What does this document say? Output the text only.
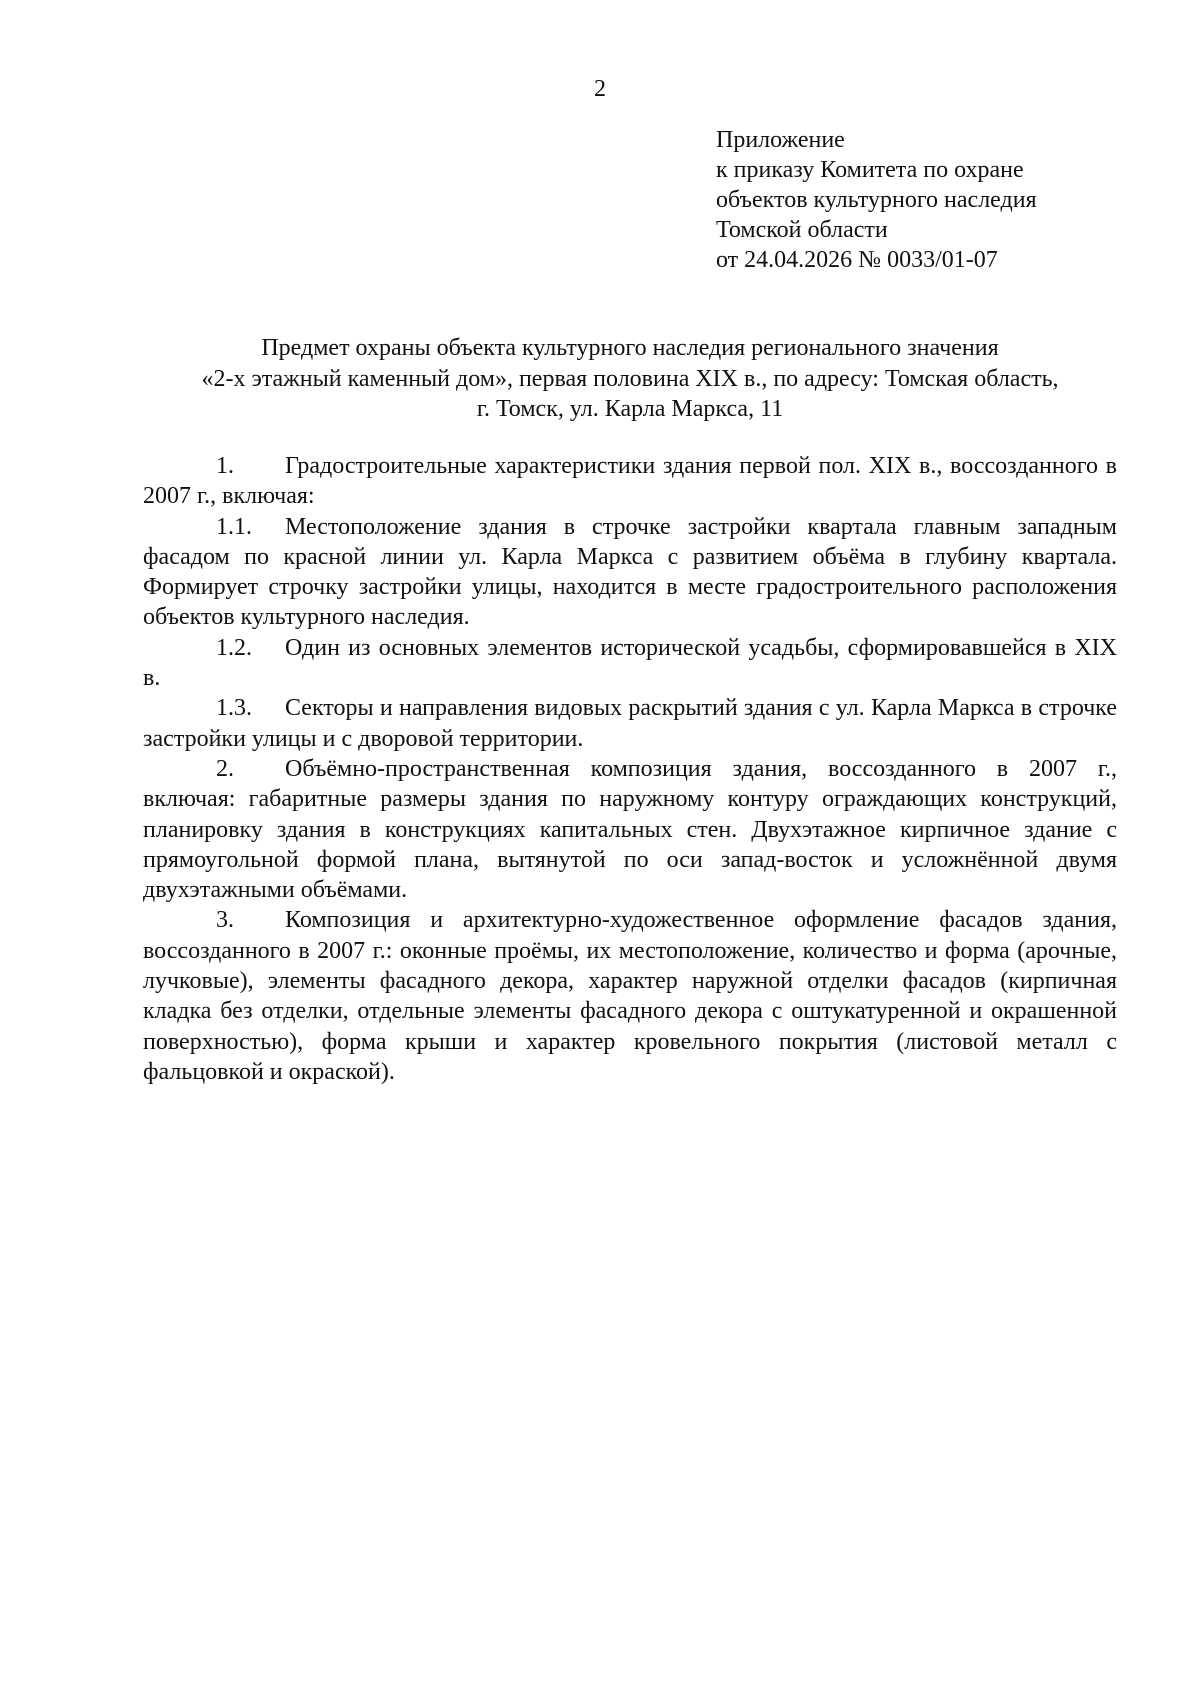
2
Приложение
к приказу Комитета по охране
объектов культурного наследия
Томской области
от 24.04.2026 № 0033/01-07
Предмет охраны объекта культурного наследия регионального значения
«2-х этажный каменный дом», первая половина XIX в., по адресу: Томская область,
г. Томск, ул. Карла Маркса, 11

1. Градостроительные характеристики здания первой пол. XIX в., воссозданного в 2007 г., включая:

1.1. Местоположение здания в строчке застройки квартала главным западным фасадом по красной линии ул. Карла Маркса с развитием объёма в глубину квартала. Формирует строчку застройки улицы, находится в месте градостроительного расположения объектов культурного наследия.

1.2. Один из основных элементов исторической усадьбы, сформировавшейся в XIX в.

1.3. Секторы и направления видовых раскрытий здания с ул. Карла Маркса в строчке застройки улицы и с дворовой территории.

2. Объёмно-пространственная композиция здания, воссозданного в 2007 г., включая: габаритные размеры здания по наружному контуру ограждающих конструкций, планировку здания в конструкциях капитальных стен. Двухэтажное кирпичное здание с прямоугольной формой плана, вытянутой по оси запад-восток и усложнённой двумя двухэтажными объёмами.

3. Композиция и архитектурно-художественное оформление фасадов здания, воссозданного в 2007 г.: оконные проёмы, их местоположение, количество и форма (арочные, лучковые), элементы фасадного декора, характер наружной отделки фасадов (кирпичная кладка без отделки, отдельные элементы фасадного декора с оштукатуренной и окрашенной поверхностью), форма крыши и характер кровельного покрытия (листовой металл с фальцовкой и окраской).
